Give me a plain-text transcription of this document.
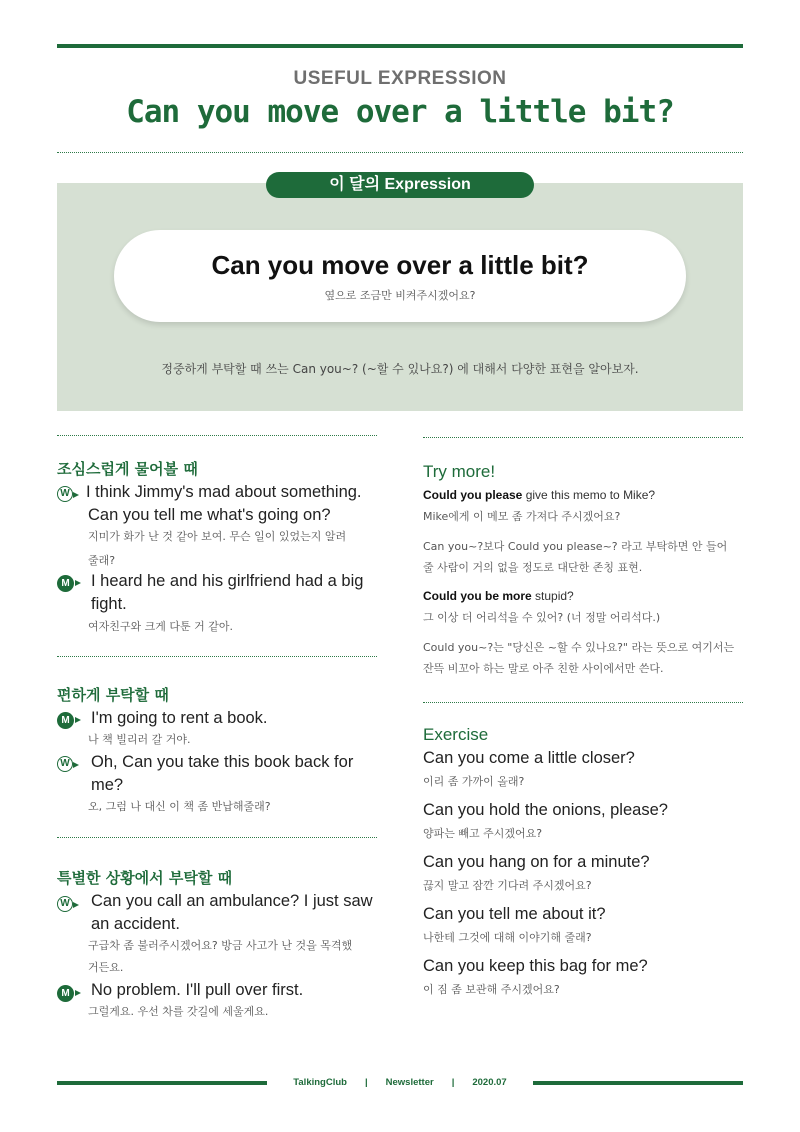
USEFUL EXPRESSION
Can you move over a little bit?
이 달의 Expression
Can you move over a little bit?
옆으로 조금만 비켜주시겠어요?
정중하게 부탁할 때 쓰는 Can you~? (~할 수 있나요?) 에 대해서 다양한 표현을 알아보자.
조심스럽게 물어볼 때
W I think Jimmy's mad about something.
Can you tell me what's going on?
지미가 화가 난 것 같아 보여. 무슨 일이 있었는지 알려
줄래?
M I heard he and his girlfriend had a big
fight.
여자친구와 크게 다툰 거 같아.
편하게 부탁할 때
M I'm going to rent a book.
나 책 빌리러 갈 거야.
W Oh, Can you take this book back for
me?
오, 그럼 나 대신 이 책 좀 반납해줄래?
특별한 상황에서 부탁할 때
W Can you call an ambulance? I just saw
an accident.
구급차 좀 불러주시겠어요? 방금 사고가 난 것을 목격했
거든요.
M No problem. I'll pull over first.
그럴게요. 우선 차를 갓길에 세울게요.
Try more!
Could you please give this memo to Mike?
Mike에게 이 메모 좀 가져다 주시겠어요?
Can you~?보다 Could you please~? 라고 부탁하면 안 들어
줄 사람이 거의 없을 정도로 대단한 존칭 표현.
Could you be more stupid?
그 이상 더 어리석을 수 있어? (너 정말 어리석다.)
Could you~?는 "당신은 ~할 수 있나요?" 라는 뜻으로 여기서는
잔뜩 비꼬아 하는 말로 아주 친한 사이에서만 쓴다.
Exercise
Can you come a little closer?
이리 좀 가까이 올래?
Can you hold the onions, please?
양파는 빼고 주시겠어요?
Can you hang on for a minute?
끊지 말고 잠깐 기다려 주시겠어요?
Can you tell me about it?
나한테 그것에 대해 이야기해 줄래?
Can you keep this bag for me?
이 짐 좀 보관해 주시겠어요?
TalkingClub | Newsletter | 2020.07
